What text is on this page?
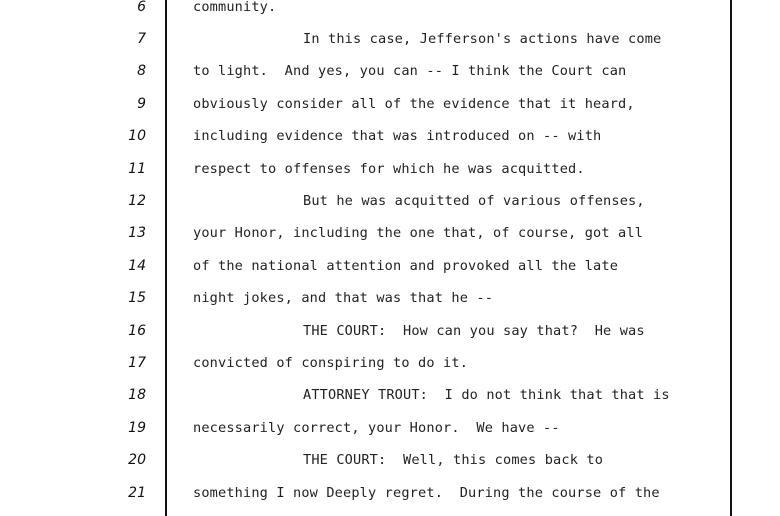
6	community.
7	In this case, Jefferson's actions have come
8	to light.  And yes, you can -- I think the Court can
9	obviously consider all of the evidence that it heard,
10	including evidence that was introduced on -- with
11	respect to offenses for which he was acquitted.
12	But he was acquitted of various offenses,
13	your Honor, including the one that, of course, got all
14	of the national attention and provoked all the late
15	night jokes, and that was that he --
16	THE COURT:  How can you say that?  He was
17	convicted of conspiring to do it.
18	ATTORNEY TROUT:  I do not think that that is
19	necessarily correct, your Honor.  We have --
20	THE COURT:  Well, this comes back to
21	something I now Deeply regret.  During the course of the
